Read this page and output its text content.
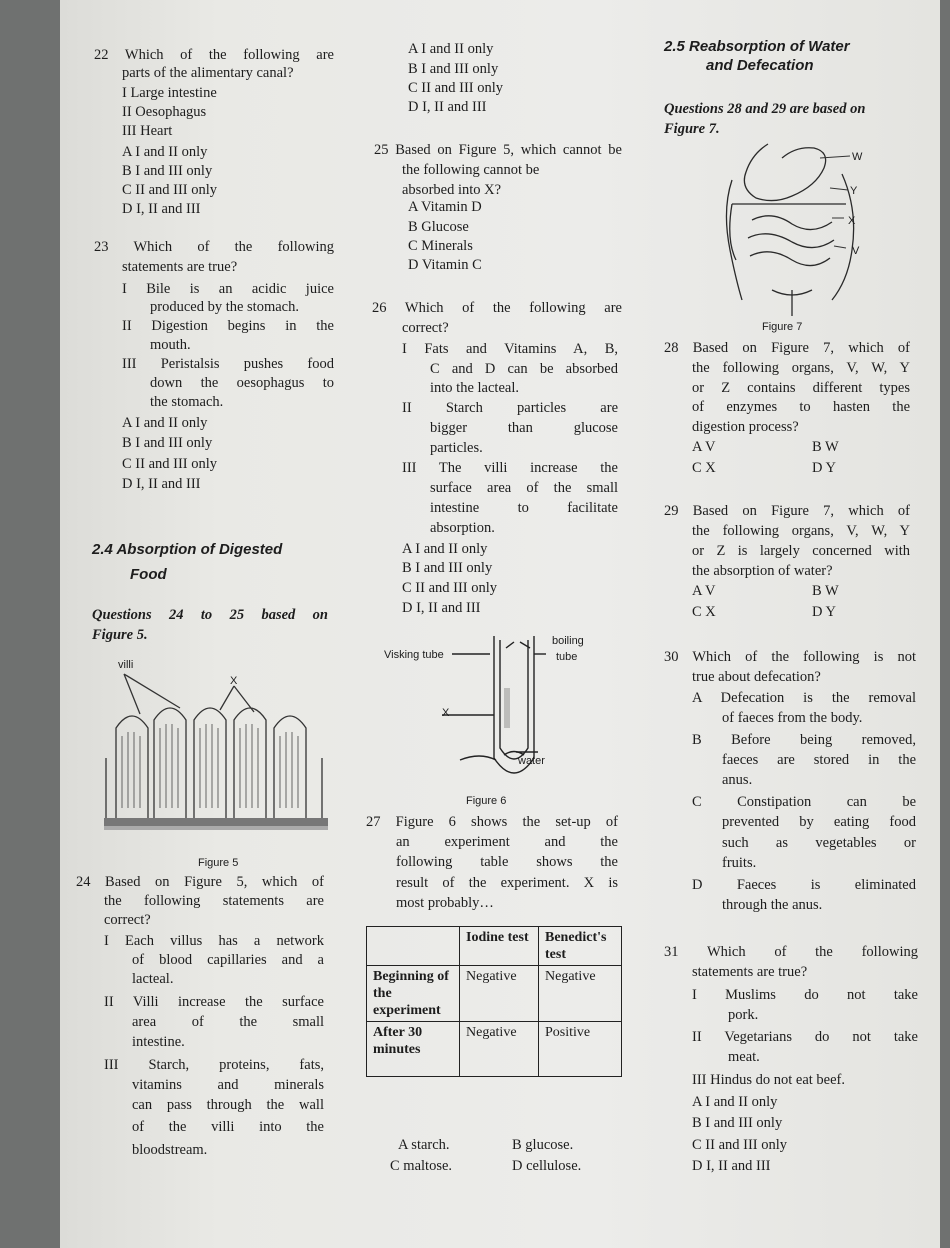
22 Which of the following are
parts of the alimentary canal?
I Large intestine
II Oesophagus
III Heart
A I and II only
B I and III only
C II and III only
D I, II and III
23 Which of the following
statements are true?
I Bile is an acidic juice
produced by the stomach.
II Digestion begins in the
mouth.
III Peristalsis pushes food
down the oesophagus to
the stomach.
A I and II only
B I and III only
C II and III only
D I, II and III
2.4 Absorption of Digested
Food
Questions 24 to 25 based on
Figure 5.
villi
X
Figure 5
24 Based on Figure 5, which of
the following statements are
correct?
I Each villus has a network
of blood capillaries and a
lacteal.
II Villi increase the surface
area of the small
intestine.
III Starch, proteins, fats,
vitamins and minerals
can pass through the wall
of the villi into the
bloodstream.
A I and II only
B I and III only
C II and III only
D I, II and III
25 Based on Figure 5, which cannot be
the following cannot be
absorbed into X?
A Vitamin D
B Glucose
C Minerals
D Vitamin C
26 Which of the following are
correct?
I Fats and Vitamins A, B,
C and D can be absorbed
into the lacteal.
II Starch particles are
bigger than glucose
particles.
III The villi increase the
surface area of the small
intestine to facilitate
absorption.
A I and II only
B I and III only
C II and III only
D I, II and III
Visking tube
boiling
tube
X
water
Figure 6
27 Figure 6 shows the set-up of
an experiment and the
following table shows the
result of the experiment. X is
most probably…
	Iodine test	Benedict's test
Beginning of the experiment	Negative	Negative
After 30 minutes	Negative	Positive
A starch.	B glucose.
C maltose.	D cellulose.
2.5 Reabsorption of Water
and Defecation
Questions 28 and 29 are based on
Figure 7.
W
Y
X
V
Figure 7
28 Based on Figure 7, which of
the following organs, V, W, Y
or Z contains different types
of enzymes to hasten the
digestion process?
A V	B W
C X	D Y
29 Based on Figure 7, which of
the following organs, V, W, Y
or Z is largely concerned with
the absorption of water?
A V	B W
C X	D Y
30 Which of the following is not
true about defecation?
A Defecation is the removal
of faeces from the body.
B Before being removed,
faeces are stored in the
anus.
C Constipation can be
prevented by eating food
such as vegetables or
fruits.
D Faeces is eliminated
through the anus.
31 Which of the following
statements are true?
I Muslims do not take
pork.
II Vegetarians do not take
meat.
III Hindus do not eat beef.
A I and II only
B I and III only
C II and III only
D I, II and III
